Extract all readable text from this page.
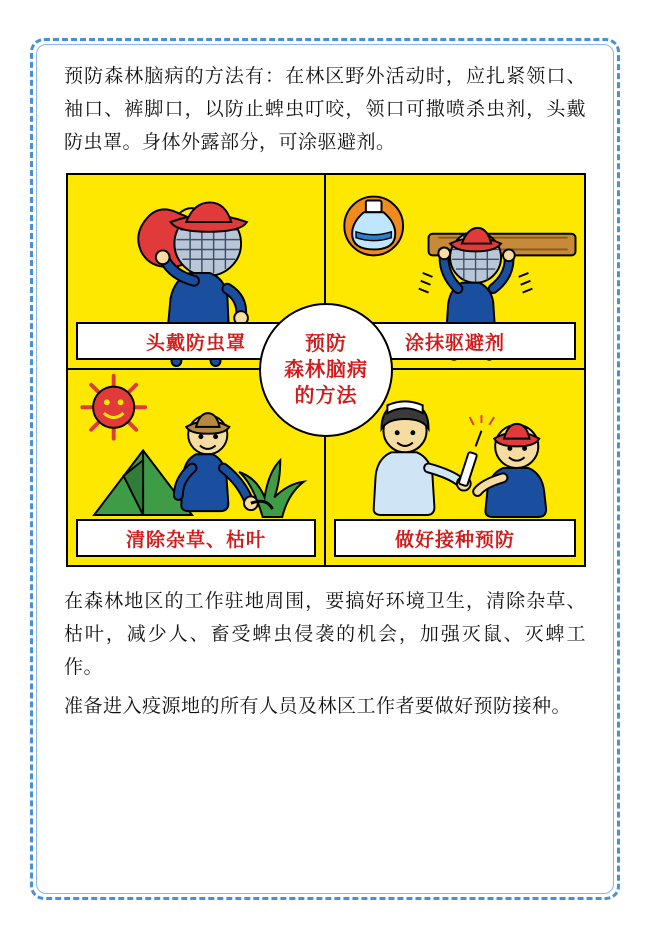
预防森林脑病的方法有：在林区野外活动时，应扎紧领口、袖口、裤脚口，以防止蜱虫叮咬，领口可撒喷杀虫剂，头戴防虫罩。身体外露部分，可涂驱避剂。

头戴防虫罩	涂抹驱避剂
清除杂草、枯叶	做好接种预防
预防
森林脑病
的方法

在森林地区的工作驻地周围，要搞好环境卫生，清除杂草、枯叶，减少人、畜受蜱虫侵袭的机会，加强灭鼠、灭蜱工作。

准备进入疫源地的所有人员及林区工作者要做好预防接种。
